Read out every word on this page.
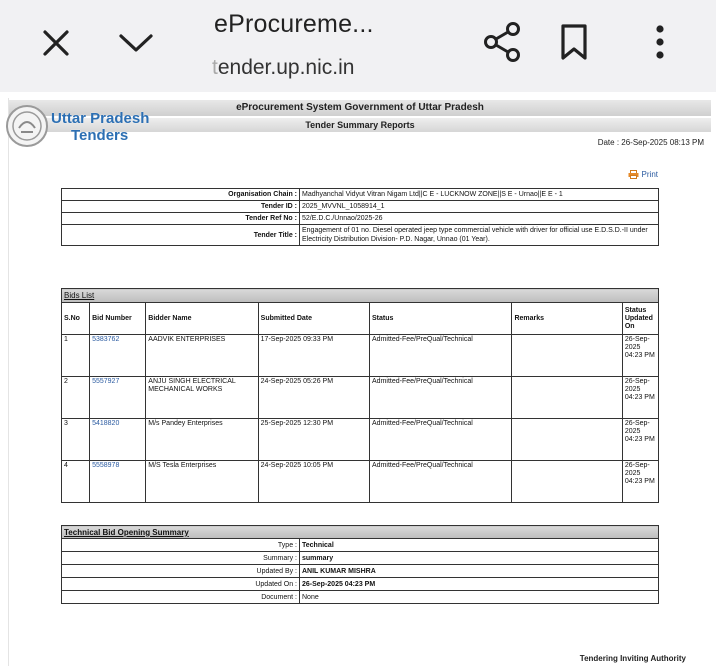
eProcureme...
tender.up.nic.in
eProcurement System Government of Uttar Pradesh
Tender Summary Reports
Uttar Pradesh
Tenders	Date : 26-Sep-2025 08:13 PM
Print
Organisation Chain :	Madhyanchal Vidyut Vitran Nigam Ltd||C E - LUCKNOW ZONE||S E - Urnao||E E - 1
Tender ID :	2025_MVVNL_1058914_1
Tender Ref No :	52/E.D.C./Unnao/2025-26
Tender Title :	Engagement of 01 no. Diesel operated jeep type commercial vehicle with driver for official use E.D.S.D.-II under Electricity Distribution Division- P.D. Nagar, Unnao (01 Year).
Bids List						
S.No	Bid Number	Bidder Name	Submitted Date	Status	Remarks	Status Updated On
1	5383762	AADVIK ENTERPRISES	17-Sep-2025 09:33 PM	Admitted-Fee/PreQual/Technical		26-Sep-2025 04:23 PM
2	5557927	ANJU SINGH ELECTRICAL MECHANICAL WORKS	24-Sep-2025 05:26 PM	Admitted-Fee/PreQual/Technical		26-Sep-2025 04:23 PM
3	5418820	M/s Pandey Enterprises	25-Sep-2025 12:30 PM	Admitted-Fee/PreQual/Technical		26-Sep-2025 04:23 PM
4	5558978	M/S Tesla Enterprises	24-Sep-2025 10:05 PM	Admitted-Fee/PreQual/Technical		26-Sep-2025 04:23 PM
Technical Bid Opening Summary	
Type :	Technical
Summary :	summary
Updated By :	ANIL KUMAR MISHRA
Updated On :	26-Sep-2025 04:23 PM
Document :	None
Tendering Inviting Authority
